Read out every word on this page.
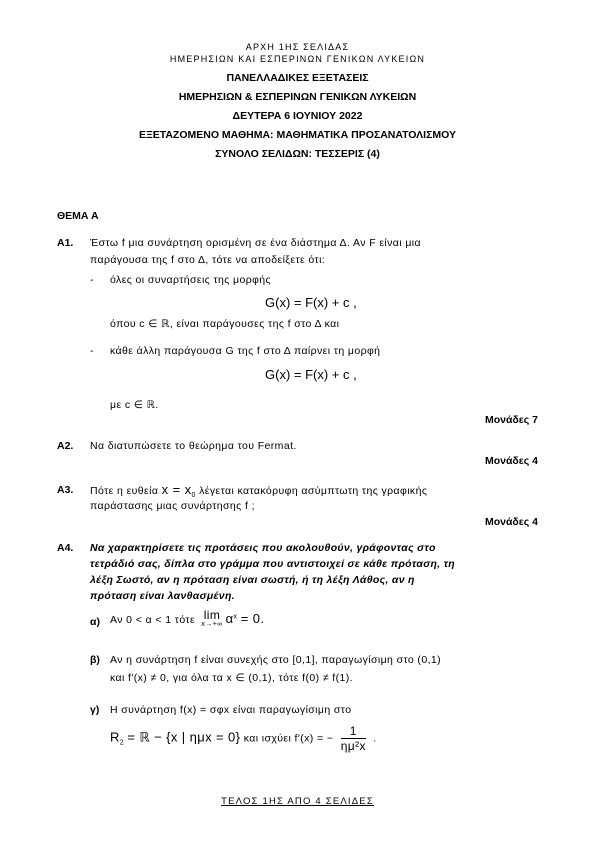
ΑΡΧΗ 1ΗΣ ΣΕΛΙΔΑΣ
ΗΜΕΡΗΣΙΩΝ ΚΑΙ ΕΣΠΕΡΙΝΩΝ ΓΕΝΙΚΩΝ ΛΥΚΕΙΩΝ
ΠΑΝΕΛΛΑΔΙΚΕΣ ΕΞΕΤΑΣΕΙΣ
ΗΜΕΡΗΣΙΩΝ & ΕΣΠΕΡΙΝΩΝ ΓΕΝΙΚΩΝ ΛΥΚΕΙΩΝ
ΔΕΥΤΕΡΑ 6 ΙΟΥΝΙΟΥ 2022
ΕΞΕΤΑΖΟΜΕΝΟ ΜΑΘΗΜΑ: ΜΑΘΗΜΑΤΙΚΑ ΠΡΟΣΑΝΑΤΟΛΙΣΜΟΥ
ΣΥΝΟΛΟ ΣΕΛΙΔΩΝ: ΤΕΣΣΕΡΙΣ (4)
ΘΕΜΑ Α
Α1. Έστω f μια συνάρτηση ορισμένη σε ένα διάστημα Δ. Αν F είναι μια
παράγουσα της f στο Δ, τότε να αποδείξετε ότι:
- όλες οι συναρτήσεις της μορφής
G(x) = F(x) + c ,
όπου c ∈ ℝ, είναι παράγουσες της f στο Δ και
- κάθε άλλη παράγουσα G της f στο Δ παίρνει τη μορφή
G(x) = F(x) + c ,
με c ∈ ℝ.
Μονάδες 7
Α2. Να διατυπώσετε το θεώρημα του Fermat.
Μονάδες 4
Α3. Πότε η ευθεία $x = x_0$ λέγεται κατακόρυφη ασύμπτωτη της γραφικής
παράστασης μιας συνάρτησης f ;
Μονάδες 4
Α4. Να χαρακτηρίσετε τις προτάσεις που ακολουθούν, γράφοντας στο
τετράδιό σας, δίπλα στο γράμμα που αντιστοιχεί σε κάθε πρόταση, τη
λέξη Σωστό, αν η πρόταση είναι σωστή, ή τη λέξη Λάθος, αν η
πρόταση είναι λανθασμένη.
α) Αν 0 < α < 1 τότε lim
x→+∞ $\alpha^x = 0$.
β) Αν η συνάρτηση f είναι συνεχής στο [0,1], παραγωγίσιμη στο (0,1)
και f′(x) ≠ 0, για όλα τα x ∈ (0,1), τότε f(0) ≠ f(1).
γ) Η συνάρτηση f(x) = σφx είναι παραγωγίσιμη στο
$R_2$ = ℝ − {x | ημx = 0} και ισχύει f′(x) = − $\frac{1}{\text{ημ²x}}$ .
ΤΕΛΟΣ 1ΗΣ ΑΠΟ 4 ΣΕΛΙΔΕΣ
